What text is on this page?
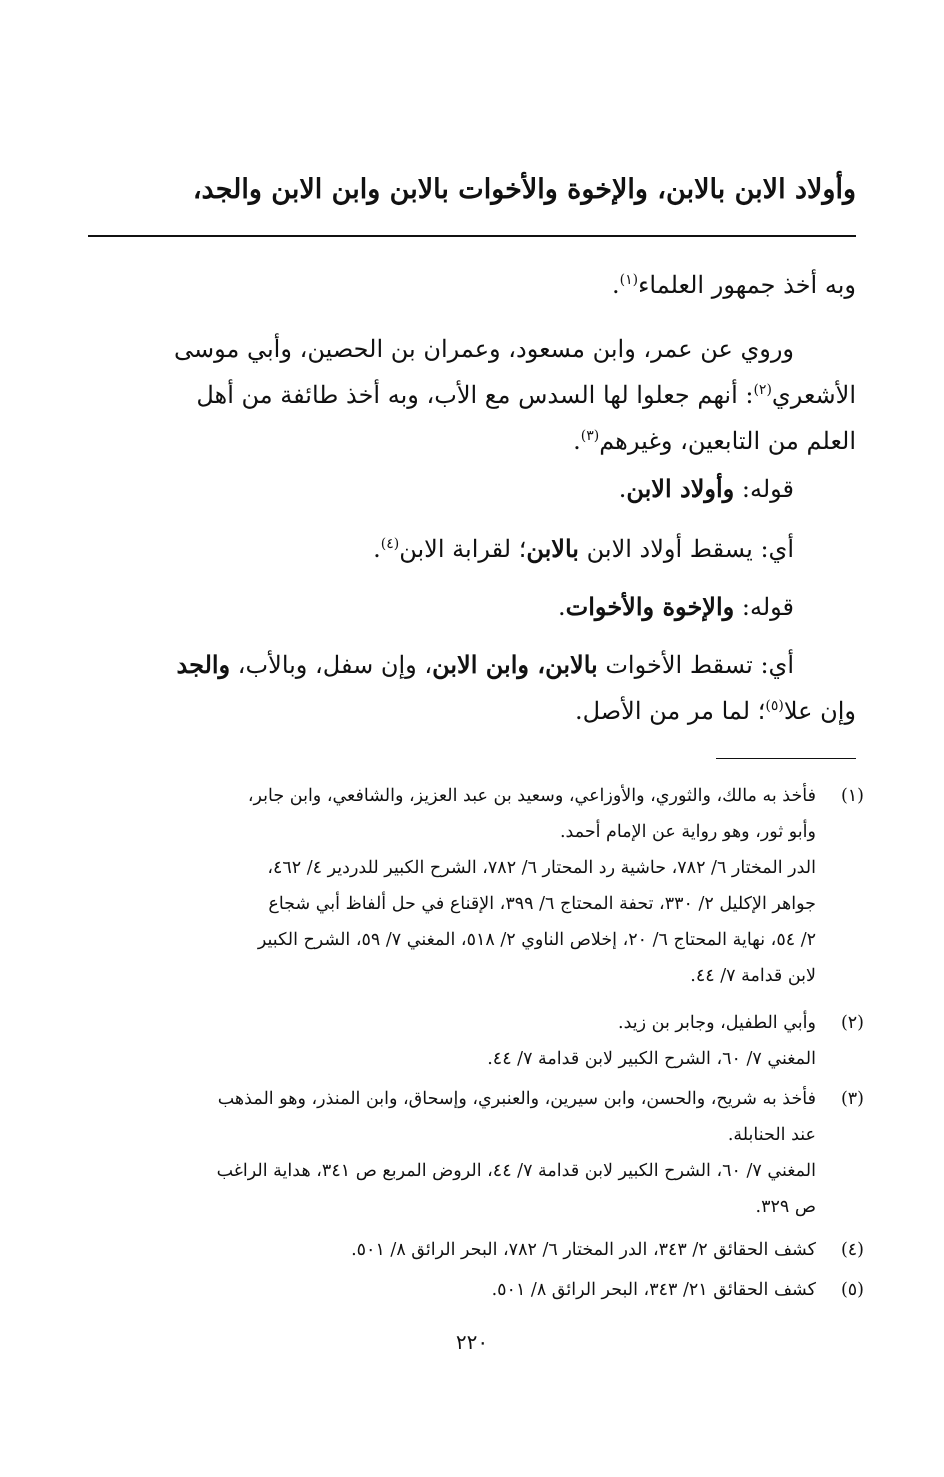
وأولاد الابن بالابن، والإخوة والأخوات بالابن وابن الابن والجد،

وبه أخذ جمهور العلماء$^{(١)}$.

وروي عن عمر، وابن مسعود، وعمران بن الحصين، وأبي موسى

الأشعري$^{(٢)}$: أنهم جعلوا لها السدس مع الأب، وبه أخذ طائفة من أهل

العلم من التابعين، وغيرهم$^{(٣)}$.

قوله: وأولاد الابن.

أي: يسقط أولاد الابن بالابن؛ لقرابة الابن$^{(٤)}$.

قوله: والإخوة والأخوات.

أي: تسقط الأخوات بالابن، وابن الابن، وإن سفل، وبالأب، والجد

وإن علا$^{(٥)}$؛ لما مر من الأصل.

(١)
فأخذ به مالك، والثوري، والأوزاعي، وسعيد بن عبد العزيز، والشافعي، وابن جابر،
وأبو ثور، وهو رواية عن الإمام أحمد.
الدر المختار ٦/ ٧٨٢، حاشية رد المحتار ٦/ ٧٨٢، الشرح الكبير للدردير ٤/ ٤٦٢،
جواهر الإكليل ٢/ ٣٣٠، تحفة المحتاج ٦/ ٣٩٩، الإقناع في حل ألفاظ أبي شجاع
٢/ ٥٤، نهاية المحتاج ٦/ ٢٠، إخلاص الناوي ٢/ ٥١٨، المغني ٧/ ٥٩، الشرح الكبير
لابن قدامة ٧/ ٤٤.
(٢)
وأبي الطفيل، وجابر بن زيد.
المغني ٧/ ٦٠، الشرح الكبير لابن قدامة ٧/ ٤٤.
(٣)
فأخذ به شريح، والحسن، وابن سيرين، والعنبري، وإسحاق، وابن المنذر، وهو المذهب
عند الحنابلة.
المغني ٧/ ٦٠، الشرح الكبير لابن قدامة ٧/ ٤٤، الروض المربع ص ٣٤١، هداية الراغب
ص ٣٢٩.
(٤)
كشف الحقائق ٢/ ٣٤٣، الدر المختار ٦/ ٧٨٢، البحر الرائق ٨/ ٥٠١.
(٥)
كشف الحقائق ٢١/ ٣٤٣، البحر الرائق ٨/ ٥٠١.
٢٢٠
